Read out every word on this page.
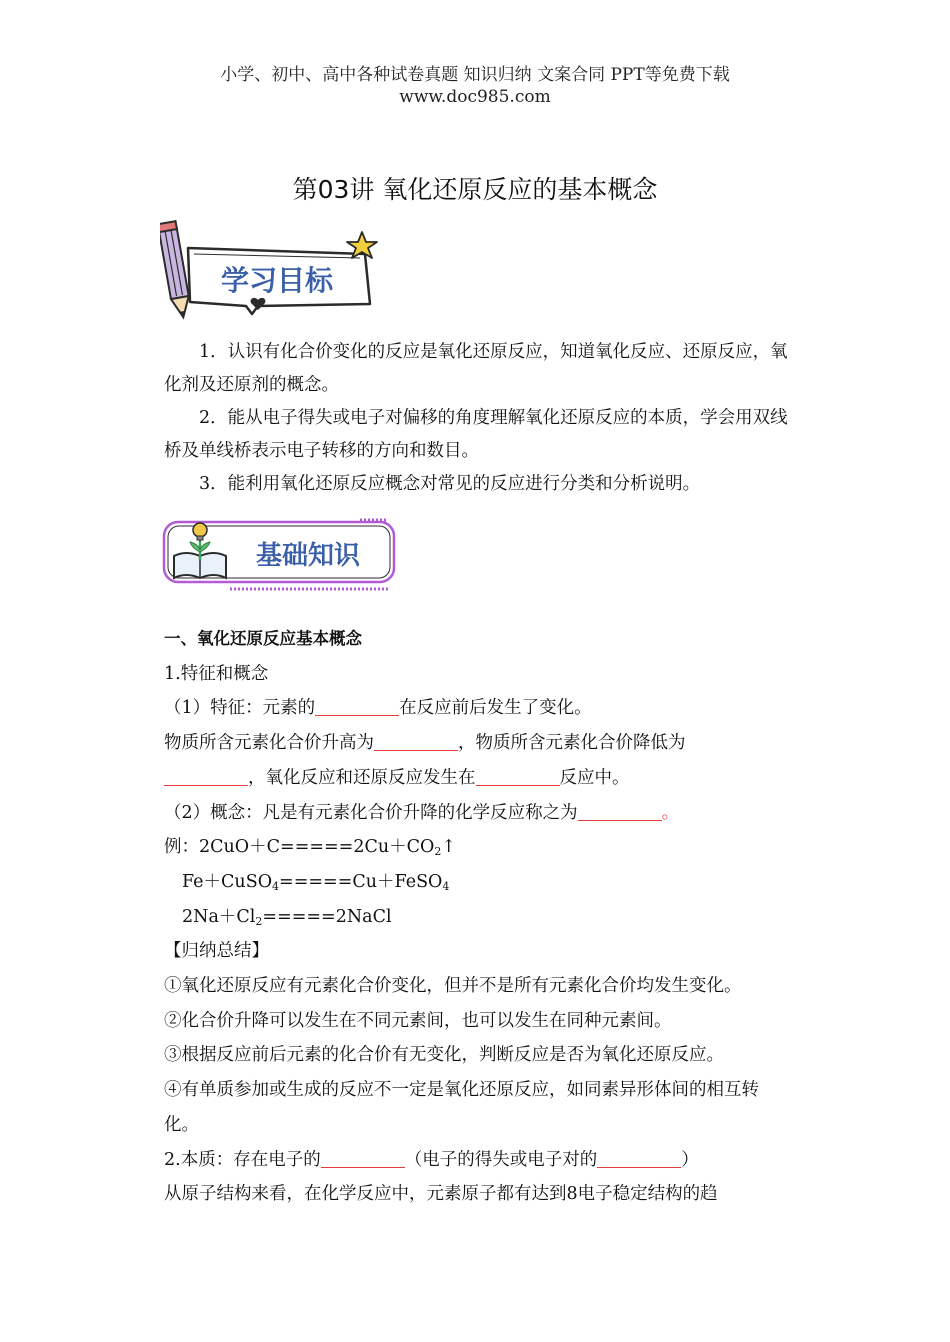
小学、初中、高中各种试卷真题 知识归纳 文案合同 PPT等免费下载
www.doc985.com
第03讲 氧化还原反应的基本概念
学习目标

1．认识有化合价变化的反应是氧化还原反应，知道氧化反应、还原反应，氧化剂及还原剂的概念。

2．能从电子得失或电子对偏移的角度理解氧化还原反应的本质，学会用双线桥及单线桥表示电子转移的方向和数目。

3．能利用氧化还原反应概念对常见的反应进行分类和分析说明。

基础知识

一、氧化还原反应基本概念

1.特征和概念

（1）特征：元素的	在反应前后发生了变化。

物质所含元素化合价升高为	，物质所含元素化合价降低为

，氧化反应和还原反应发生在	反应中。

（2）概念：凡是有元素化合价升降的化学反应称之为	。

例：$2CuO+C=====2Cu+CO_2↑$

Fe＋CuSO$_4$=====Cu＋FeSO$_4$

$2Na+Cl_2=====2NaCl$

【归纳总结】

①氧化还原反应有元素化合价变化，但并不是所有元素化合价均发生变化。

②化合价升降可以发生在不同元素间，也可以发生在同种元素间。

③根据反应前后元素的化合价有无变化，判断反应是否为氧化还原反应。

④有单质参加或生成的反应不一定是氧化还原反应，如同素异形体间的相互转化。

2.本质：存在电子的	（电子的得失或电子对的	）

从原子结构来看，在化学反应中，元素原子都有达到8电子稳定结构的趋
